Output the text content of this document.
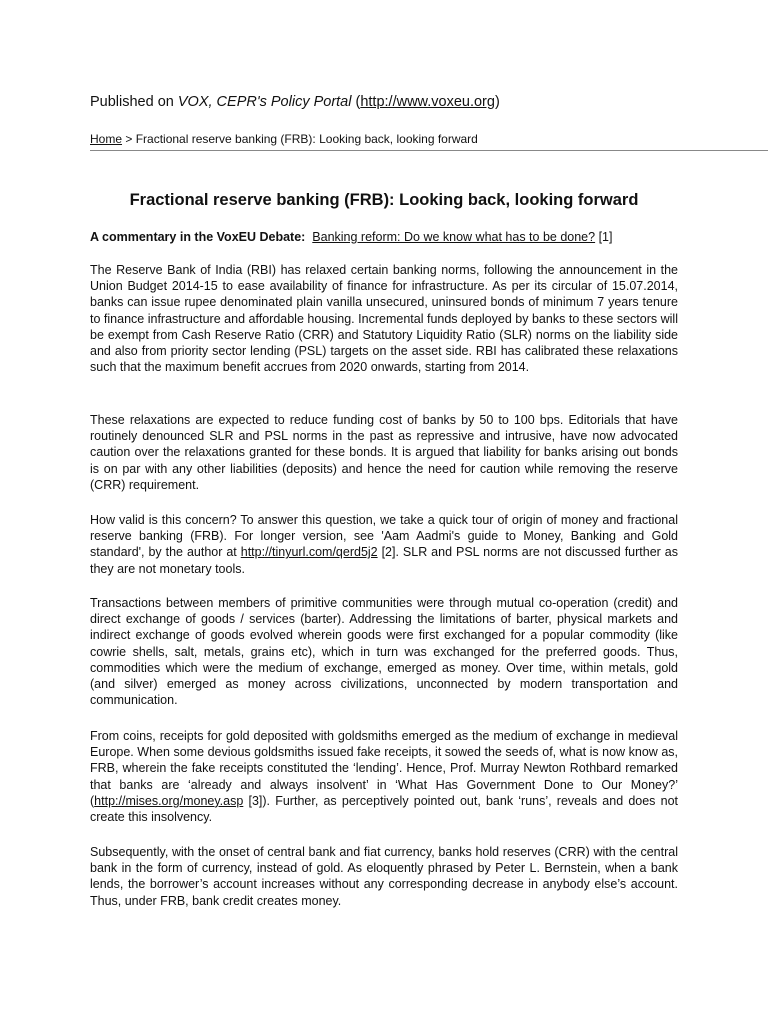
Published on VOX, CEPR's Policy Portal (http://www.voxeu.org)
Home > Fractional reserve banking (FRB): Looking back, looking forward
Fractional reserve banking (FRB): Looking back, looking forward
A commentary in the VoxEU Debate: Banking reform: Do we know what has to be done? [1]

The Reserve Bank of India (RBI) has relaxed certain banking norms, following the announcement in the Union Budget 2014-15 to ease availability of finance for infrastructure. As per its circular of 15.07.2014, banks can issue rupee denominated plain vanilla unsecured, uninsured bonds of minimum 7 years tenure to finance infrastructure and affordable housing. Incremental funds deployed by banks to these sectors will be exempt from Cash Reserve Ratio (CRR) and Statutory Liquidity Ratio (SLR) norms on the liability side and also from priority sector lending (PSL) targets on the asset side. RBI has calibrated these relaxations such that the maximum benefit accrues from 2020 onwards, starting from 2014.

These relaxations are expected to reduce funding cost of banks by 50 to 100 bps. Editorials that have routinely denounced SLR and PSL norms in the past as repressive and intrusive, have now advocated caution over the relaxations granted for these bonds. It is argued that liability for banks arising out bonds is on par with any other liabilities (deposits) and hence the need for caution while removing the reserve (CRR) requirement.

How valid is this concern? To answer this question, we take a quick tour of origin of money and fractional reserve banking (FRB). For longer version, see 'Aam Aadmi's guide to Money, Banking and Gold standard', by the author at http://tinyurl.com/qerd5j2 [2]. SLR and PSL norms are not discussed further as they are not monetary tools.

Transactions between members of primitive communities were through mutual co-operation (credit) and direct exchange of goods / services (barter). Addressing the limitations of barter, physical markets and indirect exchange of goods evolved wherein goods were first exchanged for a popular commodity (like cowrie shells, salt, metals, grains etc), which in turn was exchanged for the preferred goods. Thus, commodities which were the medium of exchange, emerged as money. Over time, within metals, gold (and silver) emerged as money across civilizations, unconnected by modern transportation and communication.

From coins, receipts for gold deposited with goldsmiths emerged as the medium of exchange in medieval Europe. When some devious goldsmiths issued fake receipts, it sowed the seeds of, what is now know as, FRB, wherein the fake receipts constituted the ‘lending’. Hence, Prof. Murray Newton Rothbard remarked that banks are ‘already and always insolvent’ in ‘What Has Government Done to Our Money?’ (http://mises.org/money.asp [3]). Further, as perceptively pointed out, bank ‘runs’, reveals and does not create this insolvency.

Subsequently, with the onset of central bank and fiat currency, banks hold reserves (CRR) with the central bank in the form of currency, instead of gold. As eloquently phrased by Peter L. Bernstein, when a bank lends, the borrower’s account increases without any corresponding decrease in anybody else’s account. Thus, under FRB, bank credit creates money.
